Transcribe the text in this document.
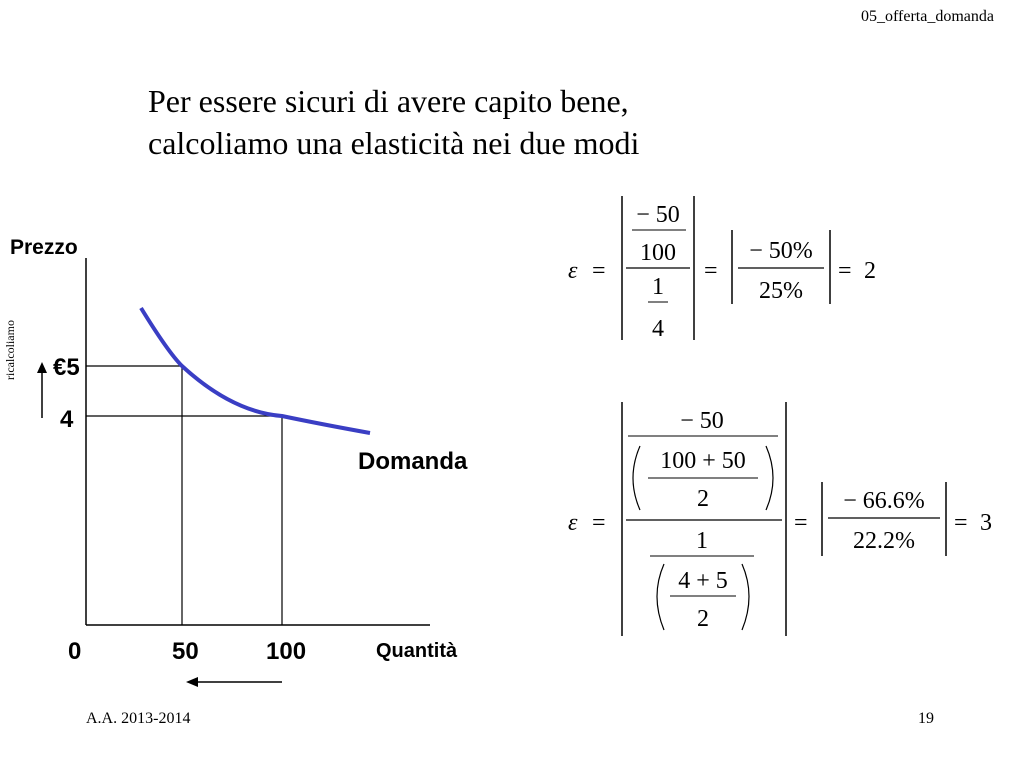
05_offerta_domanda
Per essere sicuri di avere capito bene,
calcoliamo una elasticità nei due modi
Prezzo
ricalcoliamo €5
4
0	50	100	Quantità
Domanda
ε =
− 50
100
1
4
=
− 50%
25%
= 2
ε =
− 50
100 + 50
2
1
4 + 5
2
=
− 66.6%
22.2%
= 3
A.A. 2013-2014	19
